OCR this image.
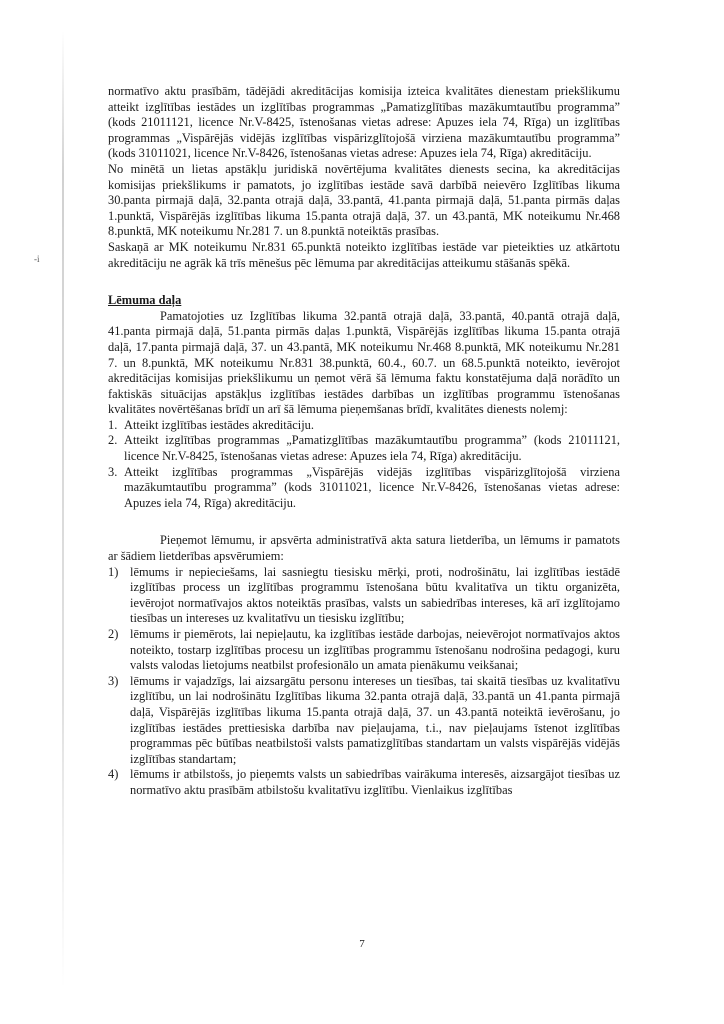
-i

normatīvo aktu prasībām, tādējādi akreditācijas komisija izteica kvalitātes dienestam priekšlikumu atteikt izglītības iestādes un izglītības programmas „Pamatizglītības mazākumtautību programma” (kods 21011121, licence Nr.V-8425, īstenošanas vietas adrese: Apuzes iela 74, Rīga) un izglītības programmas „Vispārējās vidējās izglītības vispārizglītojošā virziena mazākumtautību programma” (kods 31011021, licence Nr.V-8426, īstenošanas vietas adrese: Apuzes iela 74, Rīga) akreditāciju.

No minētā un lietas apstākļu juridiskā novērtējuma kvalitātes dienests secina, ka akreditācijas komisijas priekšlikums ir pamatots, jo izglītības iestāde savā darbībā neievēro Izglītības likuma 30.panta pirmajā daļā, 32.panta otrajā daļā, 33.pantā, 41.panta pirmajā daļā, 51.panta pirmās daļas 1.punktā, Vispārējās izglītības likuma 15.panta otrajā daļā, 37. un 43.pantā, MK noteikumu Nr.468 8.punktā, MK noteikumu Nr.281 7. un 8.punktā noteiktās prasības.

Saskaņā ar MK noteikumu Nr.831 65.punktā noteikto izglītības iestāde var pieteikties uz atkārtotu akreditāciju ne agrāk kā trīs mēnešus pēc lēmuma par akreditācijas atteikumu stāšanās spēkā.

Lēmuma daļa

Pamatojoties uz Izglītības likuma 32.pantā otrajā daļā, 33.pantā, 40.pantā otrajā daļā, 41.panta pirmajā daļā, 51.panta pirmās daļas 1.punktā, Vispārējās izglītības likuma 15.panta otrajā daļā, 17.panta pirmajā daļā, 37. un 43.pantā, MK noteikumu Nr.468 8.punktā, MK noteikumu Nr.281 7. un 8.punktā, MK noteikumu Nr.831 38.punktā, 60.4., 60.7. un 68.5.punktā noteikto, ievērojot akreditācijas komisijas priekšlikumu un ņemot vērā šā lēmuma faktu konstatējuma daļā norādīto un faktiskās situācijas apstākļus izglītības iestādes darbības un izglītības programmu īstenošanas kvalitātes novērtēšanas brīdī un arī šā lēmuma pieņemšanas brīdī, kvalitātes dienests nolemj:

1. Atteikt izglītības iestādes akreditāciju.
2. Atteikt izglītības programmas „Pamatizglītības mazākumtautību programma” (kods 21011121, licence Nr.V-8425, īstenošanas vietas adrese: Apuzes iela 74, Rīga) akreditāciju.
3. Atteikt izglītības programmas „Vispārējās vidējās izglītības vispārizglītojošā virziena mazākumtautību programma” (kods 31011021, licence Nr.V-8426, īstenošanas vietas adrese: Apuzes iela 74, Rīga) akreditāciju.

Pieņemot lēmumu, ir apsvērta administratīvā akta satura lietderība, un lēmums ir pamatots ar šādiem lietderības apsvērumiem:

1) lēmums ir nepieciešams, lai sasniegtu tiesisku mērķi, proti, nodrošinātu, lai izglītības iestādē izglītības process un izglītības programmu īstenošana būtu kvalitatīva un tiktu organizēta, ievērojot normatīvajos aktos noteiktās prasības, valsts un sabiedrības intereses, kā arī izglītojamo tiesības un intereses uz kvalitatīvu un tiesisku izglītību;
2) lēmums ir piemērots, lai nepieļautu, ka izglītības iestāde darbojas, neievērojot normatīvajos aktos noteikto, tostarp izglītības procesu un izglītības programmu īstenošanu nodrošina pedagogi, kuru valsts valodas lietojums neatbilst profesionālo un amata pienākumu veikšanai;
3) lēmums ir vajadzīgs, lai aizsargātu personu intereses un tiesības, tai skaitā tiesības uz kvalitatīvu izglītību, un lai nodrošinātu Izglītības likuma 32.panta otrajā daļā, 33.pantā un 41.panta pirmajā daļā, Vispārējās izglītības likuma 15.panta otrajā daļā, 37. un 43.pantā noteiktā ievērošanu, jo izglītības iestādes prettiesiska darbība nav pieļaujama, t.i., nav pieļaujams īstenot izglītības programmas pēc būtības neatbilstoši valsts pamatizglītības standartam un valsts vispārējās vidējās izglītības standartam;
4) lēmums ir atbilstošs, jo pieņemts valsts un sabiedrības vairākuma interesēs, aizsargājot tiesības uz normatīvo aktu prasībām atbilstošu kvalitatīvu izglītību. Vienlaikus izglītības
7
